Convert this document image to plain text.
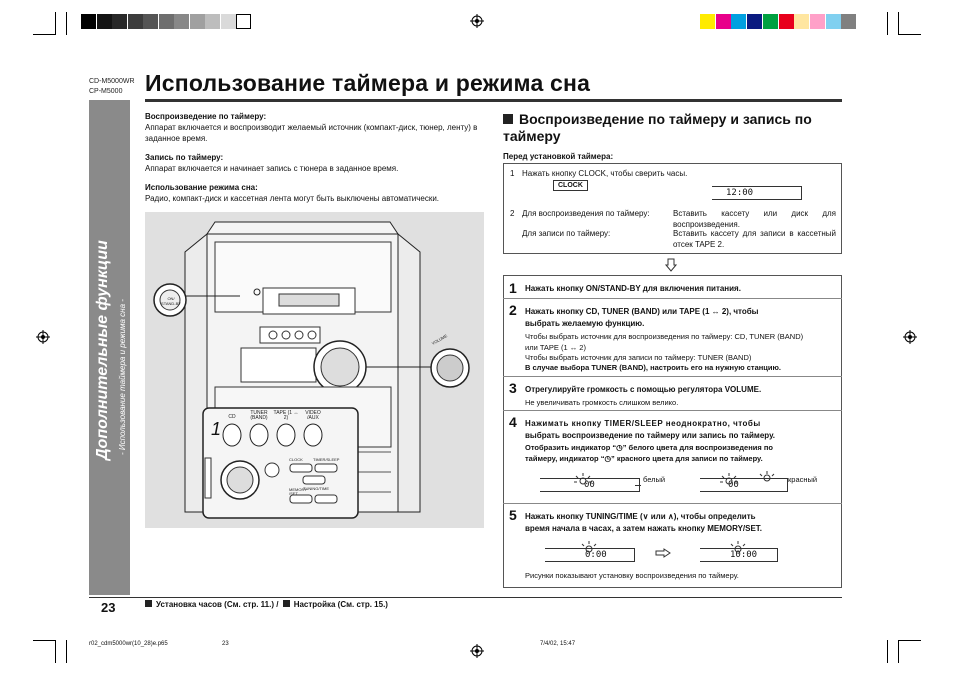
CD-M5000WR
CP-M5000 Использование таймера и режима сна
Дополнительные функции - Использование таймера и режима сна -
Воспроизведение по таймеру:
Аппарат включается и воспроизводит желаемый источник (компакт-диск, тюнер, ленту) в заданное время.
Запись по таймеру:
Аппарат включается и начинает запись с тюнера в заданное время.
Использование режима сна:
Радио, компакт-диск и кассетная лента могут быть выключены автоматически.
ON/ STAND-BY
CD
TUNER (BAND)
TAPE (1 ↔ 2)
VIDEO /AUX
CLOCK	TIMER/SLEEP
TUNING/TIME
MEMORY /SET
VOLUME
1
Воспроизведение по таймеру и запись по таймеру
Перед установкой таймера:
1 Нажать кнопку CLOCK, чтобы сверить часы.
CLOCK
12:00
2 Для воспроизведения по таймеру:	Вставить кассету или диск для воспроизведения.
Для записи по таймеру:	Вставить кассету для записи в кассетный отсек TAPE 2.
1 Нажать кнопку ON/STAND-BY для включения питания.
2 Нажать кнопку CD, TUNER (BAND) или TAPE (1 ↔ 2), чтобы
выбрать желаемую функцию.
Чтобы выбрать источник для воспроизведения по таймеру: CD, TUNER (BAND)
или TAPE (1 ↔ 2)
Чтобы выбрать источник для записи по таймеру: TUNER (BAND)
В случае выбора TUNER (BAND), настроить его на нужную станцию.
3 Отрегулируйте громкость с помощью регулятора VOLUME.
Не увеличивать громкость слишком велико.
4 Нажимать кнопку TIMER/SLEEP неоднократно, чтобы
выбрать воспроизведение по таймеру или запись по таймеру.
Отобразить индикатор “◷” белого цвета для воспроизведения по
таймеру, индикатор “◷” красного цвета для записи по таймеру.
00
белый
00
красный
5 Нажать кнопку TUNING/TIME (∨ или ∧), чтобы определить
время начала в часах, а затем нажать кнопку MEMORY/SET.
0:00	10:00
Рисунки показывают установку воспроизведения по таймеру.
23	Установка часов (См. стр. 11.) / Настройка (См. стр. 15.)
r02_cdm5000wr(10_28)e.p65	23	7/4/02, 15:47
